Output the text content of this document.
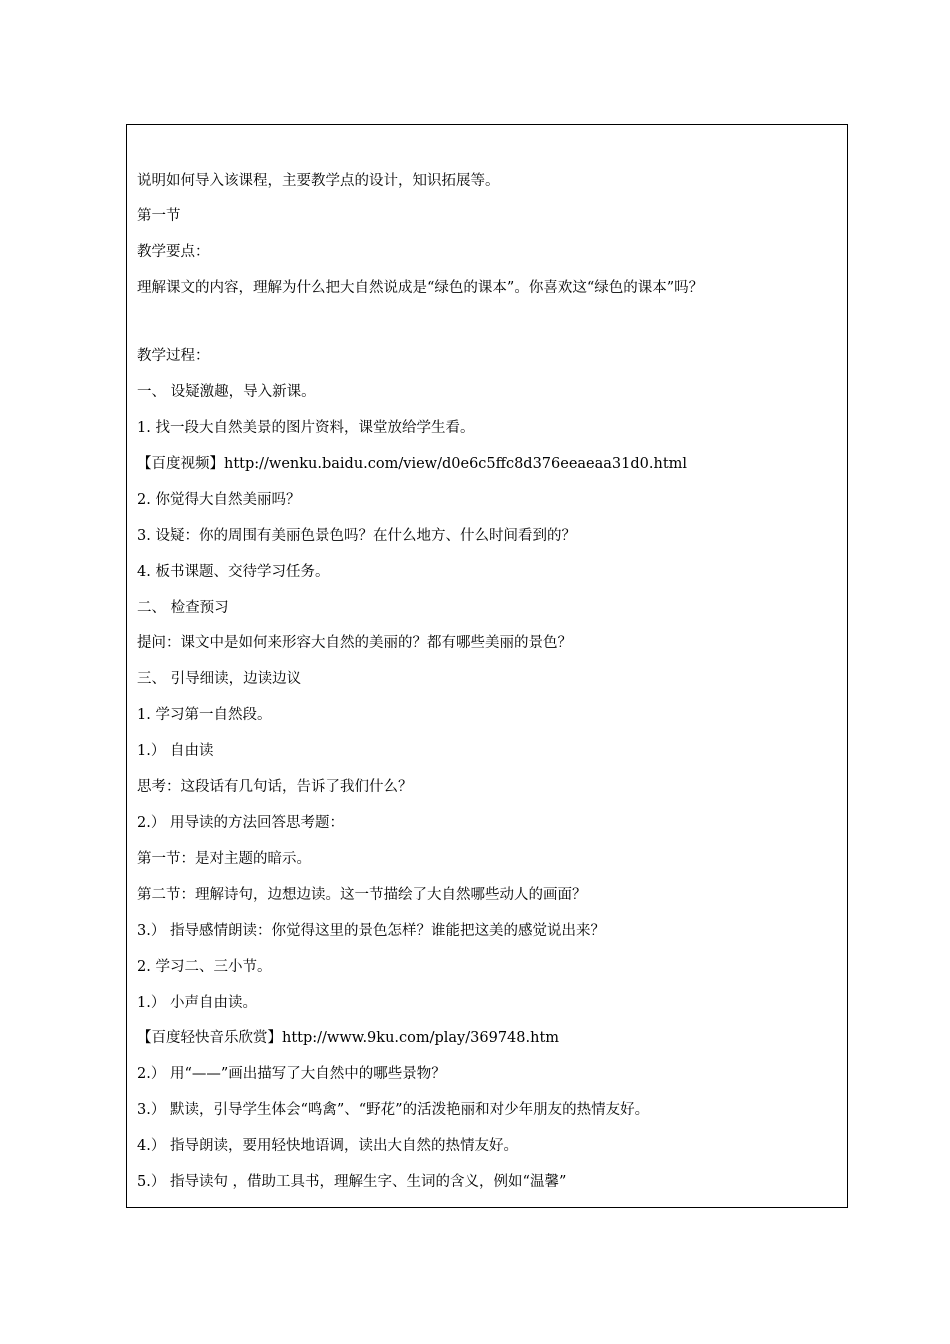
说明如何导入该课程，主要教学点的设计，知识拓展等。
第一节
教学要点：
理解课文的内容，理解为什么把大自然说成是“绿色的课本”。你喜欢这“绿色的课本”吗？
教学过程：
一、 设疑激趣，导入新课。
1. 找一段大自然美景的图片资料，课堂放给学生看。
【百度视频】http://wenku.baidu.com/view/d0e6c5ffc8d376eeaeaa31d0.html
2. 你觉得大自然美丽吗？
3. 设疑：你的周围有美丽色景色吗？在什么地方、什么时间看到的？
4. 板书课题、交待学习任务。
二、 检查预习
提问：课文中是如何来形容大自然的美丽的？都有哪些美丽的景色？
三、 引导细读，边读边议
1. 学习第一自然段。
1.） 自由读
思考：这段话有几句话，告诉了我们什么？
2.） 用导读的方法回答思考题：
第一节：是对主题的暗示。
第二节：理解诗句，边想边读。这一节描绘了大自然哪些动人的画面？
3.） 指导感情朗读：你觉得这里的景色怎样？谁能把这美的感觉说出来？
2. 学习二、三小节。
1.） 小声自由读。
【百度轻快音乐欣赏】http://www.9ku.com/play/369748.htm
2.） 用“——”画出描写了大自然中的哪些景物？
3.） 默读，引导学生体会“鸣禽”、“野花”的活泼艳丽和对少年朋友的热情友好。
4.） 指导朗读，要用轻快地语调，读出大自然的热情友好。
5.） 指导读句 ，借助工具书，理解生字、生词的含义，例如“温馨”
